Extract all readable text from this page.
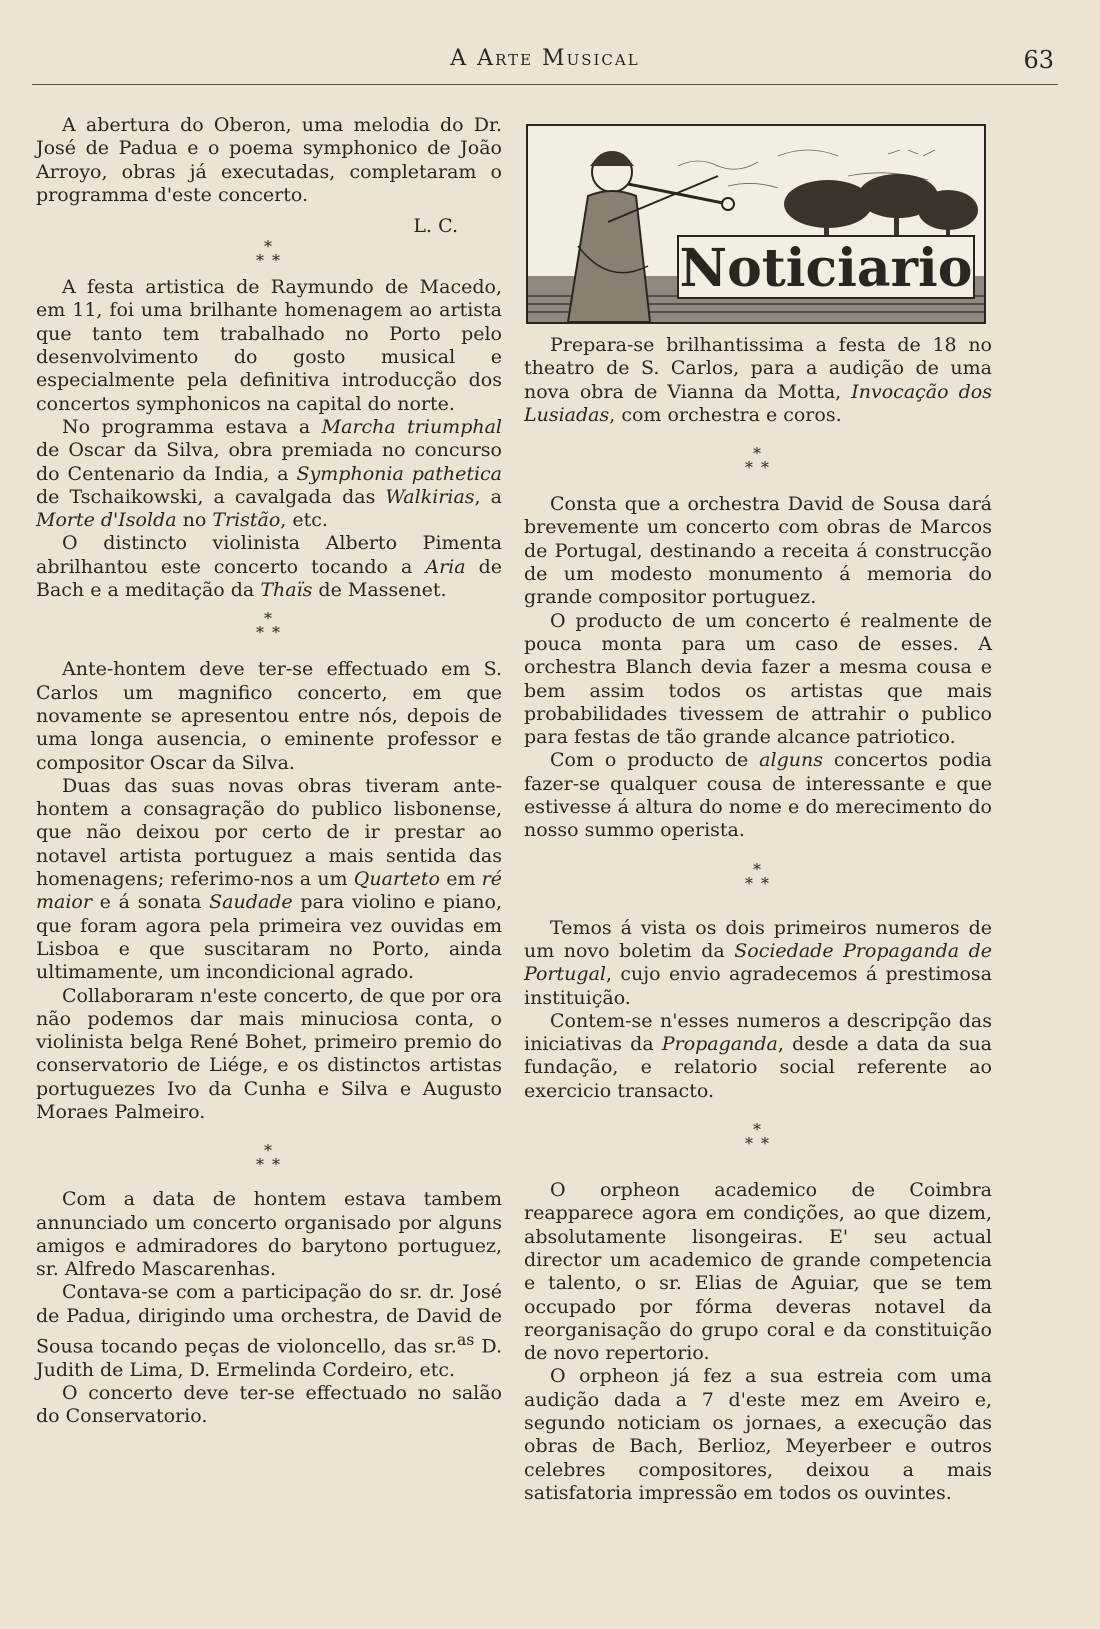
A Arte Musical	63

A abertura do Oberon, uma melodia do Dr. José de Padua e o poema symphonico de João Arroyo, obras já executadas, completaram o programma d'este concerto.

L. C.
*
* *

A festa artistica de Raymundo de Macedo, em 11, foi uma brilhante homenagem ao artista que tanto tem trabalhado no Porto pelo desenvolvimento do gosto musical e especialmente pela definitiva introducção dos concertos symphonicos na capital do norte.

No programma estava a Marcha triumphal de Oscar da Silva, obra premiada no concurso do Centenario da India, a Symphonia pathetica de Tschaikowski, a cavalgada das Walkirias, a Morte d'Isolda no Tristão, etc.

O distincto violinista Alberto Pimenta abrilhantou este concerto tocando a Aria de Bach e a meditação da Thaïs de Massenet.

*
* *

Ante-hontem deve ter-se effectuado em S. Carlos um magnifico concerto, em que novamente se apresentou entre nós, depois de uma longa ausencia, o eminente professor e compositor Oscar da Silva.

Duas das suas novas obras tiveram ante-hontem a consagração do publico lisbonense, que não deixou por certo de ir prestar ao notavel artista portuguez a mais sentida das homenagens; referimo-nos a um Quarteto em ré maior e á sonata Saudade para violino e piano, que foram agora pela primeira vez ouvidas em Lisboa e que suscitaram no Porto, ainda ultimamente, um incondicional agrado.

Collaboraram n'este concerto, de que por ora não podemos dar mais minuciosa conta, o violinista belga René Bohet, primeiro premio do conservatorio de Liége, e os distinctos artistas portuguezes Ivo da Cunha e Silva e Augusto Moraes Palmeiro.

*
* *

Com a data de hontem estava tambem annunciado um concerto organisado por alguns amigos e admiradores do barytono portuguez, sr. Alfredo Mascarenhas.

Contava-se com a participação do sr. dr. José de Padua, dirigindo uma orchestra, de David de Sousa tocando peças de violoncello, das sr.$^{as}$ D. Judith de Lima, D. Ermelinda Cordeiro, etc.

O concerto deve ter-se effectuado no salão do Conservatorio.

Noticiario

Prepara-se brilhantissima a festa de 18 no theatro de S. Carlos, para a audição de uma nova obra de Vianna da Motta, Invocação dos Lusiadas, com orchestra e coros.

*
* *

Consta que a orchestra David de Sousa dará brevemente um concerto com obras de Marcos de Portugal, destinando a receita á construcção de um modesto monumento á memoria do grande compositor portuguez.

O producto de um concerto é realmente de pouca monta para um caso de esses. A orchestra Blanch devia fazer a mesma cousa e bem assim todos os artistas que mais probabilidades tivessem de attrahir o publico para festas de tão grande alcance patriotico.

Com o producto de alguns concertos podia fazer-se qualquer cousa de interessante e que estivesse á altura do nome e do merecimento do nosso summo operista.

*
* *

Temos á vista os dois primeiros numeros de um novo boletim da Sociedade Propaganda de Portugal, cujo envio agradecemos á prestimosa instituição.

Contem-se n'esses numeros a descripção das iniciativas da Propaganda, desde a data da sua fundação, e relatorio social referente ao exercicio transacto.

*
* *

O orpheon academico de Coimbra reapparece agora em condições, ao que dizem, absolutamente lisongeiras. E' seu actual director um academico de grande competencia e talento, o sr. Elias de Aguiar, que se tem occupado por fórma deveras notavel da reorganisação do grupo coral e da constituição de novo repertorio.

O orpheon já fez a sua estreia com uma audição dada a 7 d'este mez em Aveiro e, segundo noticiam os jornaes, a execução das obras de Bach, Berlioz, Meyerbeer e outros celebres compositores, deixou a mais satisfatoria impressão em todos os ouvintes.
